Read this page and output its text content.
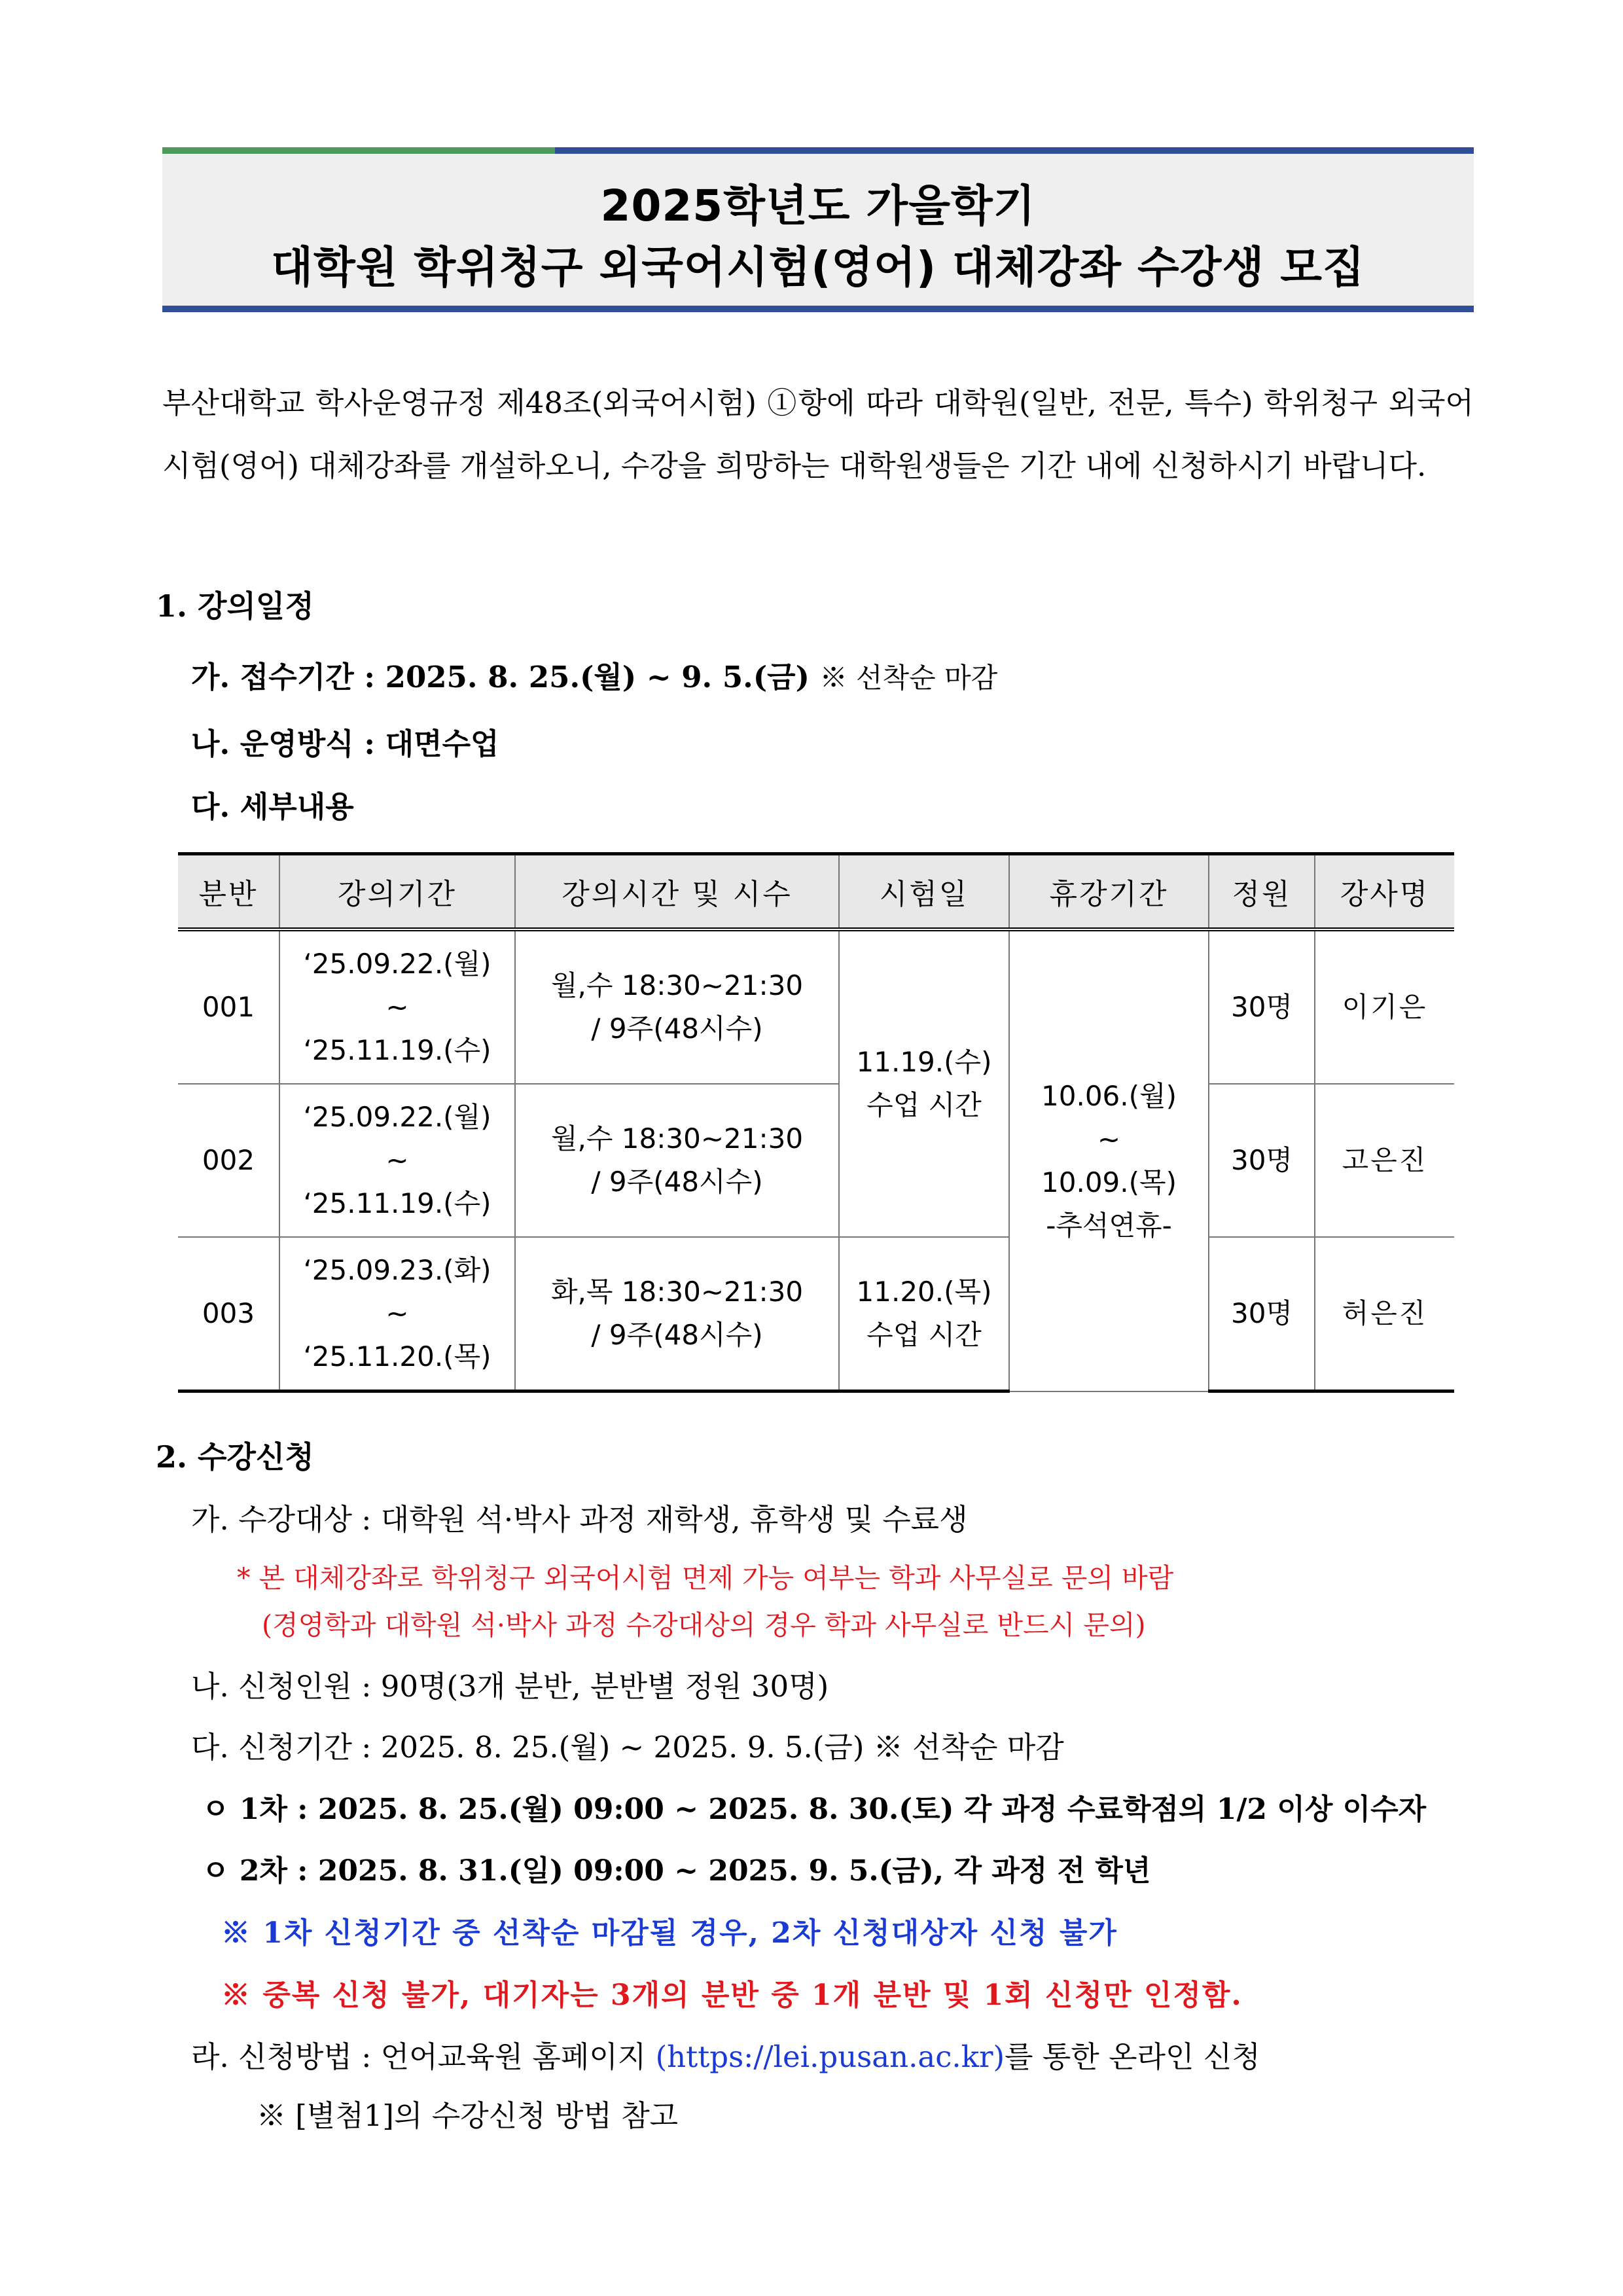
2025학년도 가을학기
대학원 학위청구 외국어시험(영어) 대체강좌 수강생 모집
부산대학교 학사운영규정 제48조(외국어시험) ①항에 따라 대학원(일반, 전문, 특수) 학위청구 외국어시험(영어) 대체강좌를 개설하오니, 수강을 희망하는 대학원생들은 기간 내에 신청하시기 바랍니다.
1. 강의일정
가. 접수기간 : 2025. 8. 25.(월) ~ 9. 5.(금) ※ 선착순 마감
나. 운영방식 : 대면수업
다. 세부내용
분반	강의기간	강의시간 및 시수	시험일	휴강기간	정원	강사명
001	‘25.09.22.(월)
~
‘25.11.19.(수)	월,수 18:30~21:30
/ 9주(48시수)	11.19.(수)
수업 시간	10.06.(월)
~
10.09.(목)
-추석연휴-	30명	이기은
002	‘25.09.22.(월)
~
‘25.11.19.(수)	월,수 18:30~21:30
/ 9주(48시수)			30명	고은진
003	‘25.09.23.(화)
~
‘25.11.20.(목)	화,목 18:30~21:30
/ 9주(48시수)	11.20.(목)
수업 시간		30명	허은진
2. 수강신청
가. 수강대상 : 대학원 석·박사 과정 재학생, 휴학생 및 수료생
* 본 대체강좌로 학위청구 외국어시험 면제 가능 여부는 학과 사무실로 문의 바람
(경영학과 대학원 석·박사 과정 수강대상의 경우 학과 사무실로 반드시 문의)
나. 신청인원 : 90명(3개 분반, 분반별 정원 30명)
다. 신청기간 : 2025. 8. 25.(월) ∼ 2025. 9. 5.(금) ※ 선착순 마감
ㅇ 1차 : 2025. 8. 25.(월) 09:00 ~ 2025. 8. 30.(토) 각 과정 수료학점의 1/2 이상 이수자
ㅇ 2차 : 2025. 8. 31.(일) 09:00 ~ 2025. 9. 5.(금), 각 과정 전 학년
※ 1차 신청기간 중 선착순 마감될 경우, 2차 신청대상자 신청 불가
※ 중복 신청 불가, 대기자는 3개의 분반 중 1개 분반 및 1회 신청만 인정함.
라. 신청방법 : 언어교육원 홈페이지 (https://lei.pusan.ac.kr)를 통한 온라인 신청
※ [별첨1]의 수강신청 방법 참고
